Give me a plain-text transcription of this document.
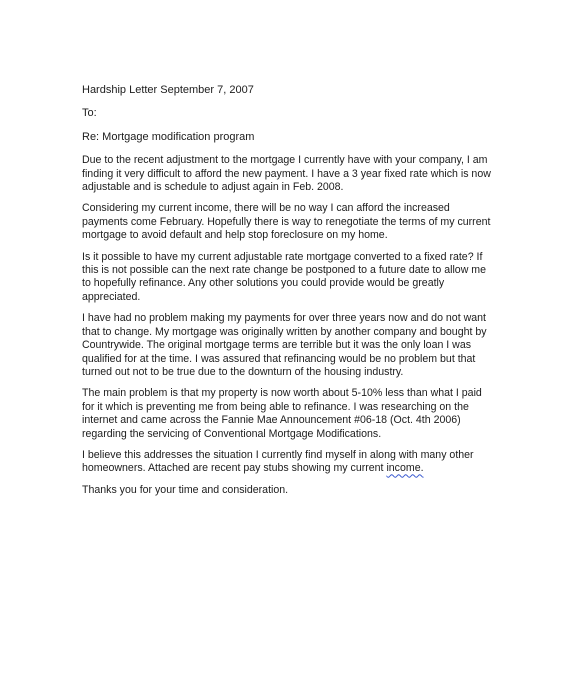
Hardship Letter September 7, 2007

To:

Re: Mortgage modification program

Due to the recent adjustment to the mortgage I currently have with your company, I am finding it very difficult to afford the new payment. I have a 3 year fixed rate which is now adjustable and is schedule to adjust again in Feb. 2008.

Considering my current income, there will be no way I can afford the increased payments come February. Hopefully there is way to renegotiate the terms of my current mortgage to avoid default and help stop foreclosure on my home.

Is it possible to have my current adjustable rate mortgage converted to a fixed rate? If this is not possible can the next rate change be postponed to a future date to allow me to hopefully refinance. Any other solutions you could provide would be greatly appreciated.

I have had no problem making my payments for over three years now and do not want that to change. My mortgage was originally written by another company and bought by Countrywide. The original mortgage terms are terrible but it was the only loan I was qualified for at the time. I was assured that refinancing would be no problem but that turned out not to be true due to the downturn of the housing industry.

The main problem is that my property is now worth about 5-10% less than what I paid for it which is preventing me from being able to refinance. I was researching on the internet and came across the Fannie Mae Announcement #06-18 (Oct. 4th 2006) regarding the servicing of Conventional Mortgage Modifications.

I believe this addresses the situation I currently find myself in along with many other homeowners. Attached are recent pay stubs showing my current income.

Thanks you for your time and consideration.
